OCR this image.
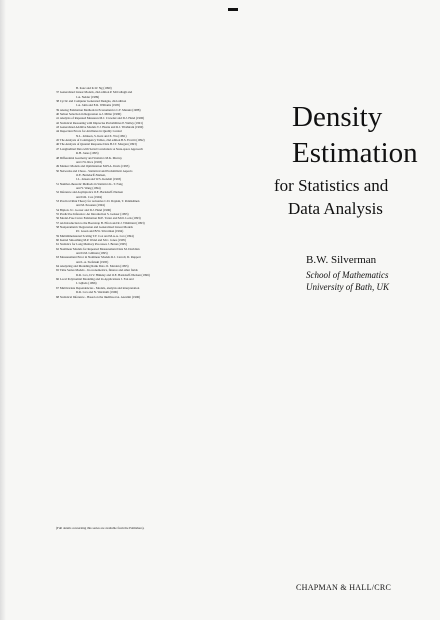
B. Kotz and K.W. Ng (1990)
37 Generalized Linear Models, 2nd edition P. McCullagh and
J.A. Nelder (1989)
38 Cyclic and Computer Generated Designs, 2nd edition
J.A. John and E.R. Williams (1995)
39 Analog Estimation Methods in Econometrics C.F. Manski (1988)
40 Subset Selection in Regression A.J. Miller (1990)
41 Analysis of Repeated Measures M.J. Crowder and D.J. Hand (1990)
42 Statistical Reasoning with Imprecise Probabilities P. Walley (1991)
43 Generalized Additive Models T.J. Hastie and R.J. Tibshirani (1990)
44 Inspection Errors for Attributes in Quality Control
N.L. Johnson, S. Kotz and X. Wu (1991)
45 The Analysis of Contingency Tables, 2nd edition B.S. Everitt (1992)
46 The Analysis of Quantal Response Data B.J.T. Morgan (1993)
47 Longitudinal Data with Serial Correlation: A State-space Approach
R.H. Jones (1993)
48 Differential Geometry and Statistics M.K. Murray
and J.W. Rice (1993)
49 Markov Models and Optimization M.H.A. Davis (1993)
50 Networks and Chaos - Statistical and Probabilistic Aspects
O.E. Barndorff-Nielsen,
J.L. Jensen and W.S. Kendall (1993)
51 Number-theoretic Methods in Statistics K.-T. Fang
and Y. Wang (1994)
52 Inference and Asymptotics O.E. Barndorff-Nielsen
and D.R. Cox (1994)
53 Practical Risk Theory for Actuaries C.D. Daykin, T. Pentikäinen
and M. Pesonen (1994)
54 Biplots J.C. Gower and D.J. Hand (1996)
55 Predictive Inference: An Introduction S. Geisser (1993)
56 Model-Free Curve Estimation M.E. Tarter and M.D. Lock (1993)
57 An Introduction to the Bootstrap B. Efron and R.J. Tibshirani (1993)
58 Nonparametric Regression and Generalized Linear Models
P.J. Green and B.W. Silverman (1994)
59 Multidimensional Scaling T.F. Cox and M.A.A. Cox (1994)
60 Kernel Smoothing M.P. Wand and M.C. Jones (1995)
61 Statistics for Long Memory Processes J. Beran (1995)
62 Nonlinear Models for Repeated Measurement Data M. Davidian
and D.M. Giltinan (1995)
63 Measurement Error in Nonlinear Models R.J. Carroll, D. Ruppert
and L.A. Stefanski (1995)
64 Analyzing and Modeling Rank Data J.I. Marden (1995)
65 Time Series Models - In econometrics, finance and other fields
D.R. Cox, D.V. Hinkley and O.E. Barndorff-Nielsen (1996)
66 Local Polynomial Modeling and its Applications J. Fan and
I. Gijbels (1996)
67 Multivariate Dependencies - Models, analysis and interpretation
D.R. Cox and N. Wermuth (1996)
68 Statistical Inference - Based on the likelihood A. Azzalini (1996)
(Full details concerning this series are available from the Publishers).
Density
Estimation
for Statistics and
Data Analysis
B.W. Silverman
School of Mathematics
University of Bath, UK
CHAPMAN & HALL/CRC
